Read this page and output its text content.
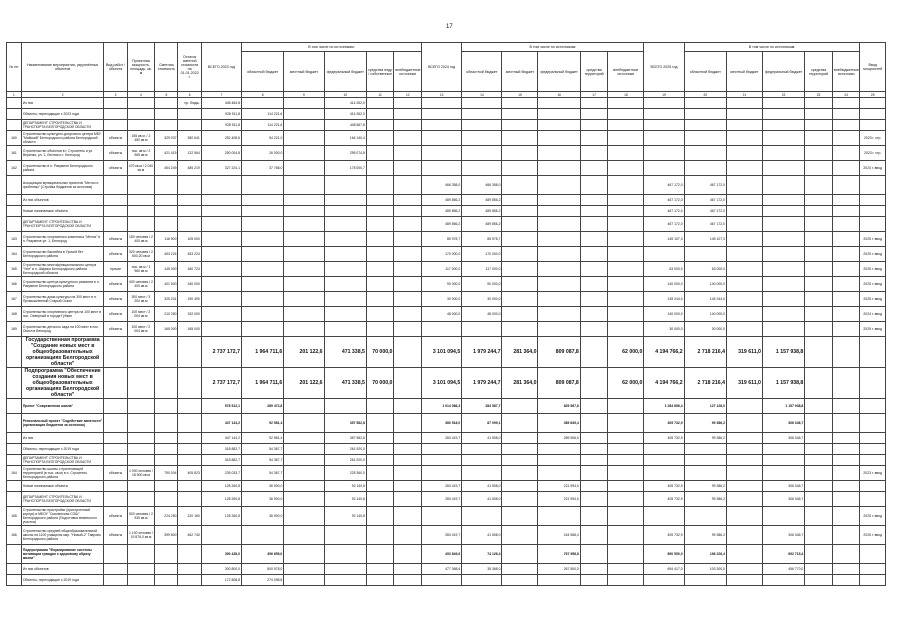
17
№ пп	Наименование мероприятия, укрупнённых объектов	Вид работ / объекта	Проектная мощность, площадь, кв. м	Сметная стоимость	Остаток сметной стоимости на 01.01.2023 г.	ВСЕГО 2023 год	В том числе по источникам:					ВСЕГО 2024 год	В том числе по источникам:					ВСЕГО 2025 год	В том числе по источникам:					Ввод мощностей
							областной бюджет	местный бюджет	федеральный бюджет	средства недр / собственные	внебюджетные источники		областной бюджет	местный бюджет	федеральный бюджет	средства территорий	внебюджетные источники		областной бюджет	местный бюджет	федеральный бюджет	средства территорий	внебюджетные источники	
1	2	3	4	5	6	7	8	9	10	11	12	13	14	15	16	17	18	19	20	21	22	23	24	25
	Из них				пр. бюдж.	448 464,8			414 262,0															
	Объекты, переходящие с 2023 года					928 911,8	114 221,6		414 262,0															
	ДЕПАРТАМЕНТ СТРОИТЕЛЬСТВА И ТРАНСПОРТА БЕЛГОРОДСКОЙ ОБЛАСТИ					928 911,8	114 221,6		448 567,8															
160	Строительство культурно-досугового центра МБУ "Майский" Белгородского района Белгородской области	объекты	155 кв.м. / 2 450 кв.м	329 037	350 641	252 408,6	54 221,0		164 140,4															2023 г. стр.
161	Строительство объектов в г. Строитель и ул. Верхняя, ул. 1, Лесная и г. Белгород	объекты	тыс. кв.м / 2 965 кв.м	421 415	122 564	250 004,8	26 000,0		295 074,8															2023 г. стр.
162	Строительство в п. Разумное Белгородского района	объекты	470 кв.м / 2 040 кв.м	454 249	485 219	327 224,1	37 768,0		178 000,7															2024 г. ввод
	Ассоциация муниципальных проектов "Мечты и проблемы" (Стройка бюджетов за источник)											466 358,0	466 358,0					467 172,0	467 172,0					
	Из них объектов											489 856,2	489 856,2					467 172,0	467 172,0					
	Новые начинаемые объекты											489 856,2	489 856,2					467 172,0	467 172,0					
	ДЕПАРТАМЕНТ СТРОИТЕЛЬСТВА И ТРАНСПОРТА БЕЛГОРОДСКОЙ ОБЛАСТИ											489 856,2	489 856,2					467 172,0	467 172,0					
163	Строительство спортивного комплекса "Мечта" в п. Разумное ул. 1, Белгород	объекты	150 человек / 2 400 кв.м	116 900	105 000							85 978,7	85 978,7					145 107,3	145 107,3					2025 г. ввод
164	Строительство бассейна в Урочей бет Белгородского района	объекты	320 человек / 2 600,20 кв.м	453 224	453 224							170 000,0	170 000,0											2025 г. ввод
165	Строительство многофункционального центра "Уют" в п. Ширико Белгородского района Белгородской области	прочие	тыс. кв.м / 1 960 кв.м	145 000	160 724							117 000,0	117 000,0					63 000,0	63 000,0					2025 г. ввод
166	Строительство центра культурного развития в п. Разумное Белгородского района	объекты	400 человек / 2 400 кв.м	401 500	340 000							90 000,0	90 000,0					140 000,0	140 000,0					2025 г. ввод
167	Строительство дома культуры на 300 мест в п. Промышленный Старый Оскол	объекты	300 мест / 3 200 кв.м	325 241	190 490							30 000,0	30 000,0					145 244,0	145 244,0					2025 г. ввод
168	Строительство спортивного центра на 100 мест в пос. Северный в городе Губкин	объекты	100 мест / 2 004 кв.м	210 250	192 000							48 000,0	48 000,0					140 000,0	140 000,0					2024 г. ввод
169	Строительство детского сада на 100 мест в пос. Оскол в Белгород	объекты	100 мест / 2 004 кв.м	165 000	165 000													30 000,0	30 000,0					2025 г. ввод
	Государственная программа "Создание новых мест в общеобразовательных организациях Белгородской области"					2 737 172,7	1 964 711,6	201 122,6	471 338,5	70 000,0		3 101 094,5	1 979 244,7	281 364,0	809 087,8		62 000,0	4 194 766,2	2 718 216,4	319 611,0	1 157 938,8			
	Подпрограмма "Обеспечение создания новых мест в общеобразовательных организациях Белгородской области"					2 737 172,7	1 964 711,6	201 122,6	471 338,5	70 000,0		3 101 094,5	1 979 244,7	281 364,0	809 087,8		62 000,0	4 194 766,2	2 718 216,4	319 611,0	1 157 938,8			
	Проект "Современная школа"					978 512,1	289 472,8					1 014 086,3	284 587,7		829 587,8			1 284 896,4	127 128,0		1 157 938,8			
	Региональный проект "Содействие занятости" (организация бюджетов за источник)					447 144,2	92 581,4		357 582,8			380 518,0	87 099,1		389 849,4			405 732,9	99 386,2		306 346,7			
	Из них					447 144,2	92 581,4		357 582,8			283 419,7	41 508,0		289 906,0			405 732,9	99 386,2		306 346,7			
	Объекты, переходящие с 2019 года					318 882,7	54 367,7		261 920,0															
	ДЕПАРТАМЕНТ СТРОИТЕЛЬСТВА И ТРАНСПОРТА БЕЛГОРОДСКОЙ ОБЛАСТИ					318 882,7	54 367,7		261 920,0															
164	Строительство школы с прилегающей территорией (в тыс. кв.м) в п. Строитель Белгородского района	объекты	1 000 человек / 18 500 кв.м	790 004	405 823	235 033,7	54 367,7		225 360,0															2023 г. ввод
	Новые начинаемые объекты					128 260,8	36 900,0		92 140,8			283 419,7	41 508,0		221 994,0			405 732,9	99 386,2		306 346,7			
	ДЕПАРТАМЕНТ СТРОИТЕЛЬСТВА И ТРАНСПОРТА БЕЛГОРОДСКОЙ ОБЛАСТИ					128 260,8	36 900,0		92 140,8			283 419,7	41 508,0		221 994,0			405 732,9	99 386,2		306 346,7			
165	Строительство пристройки (пристроенный корпус) в МБОУ "Смоленская СОШ" Белгородского района (Подготовка земельного участка)	объекты	500 человек / 2 930 кв.м	224 250	220 160	128 260,8	36 900,0		92 140,8															2025 г. ввод
166	Строительство средней общеобразовательной школы на 1100 учащихся мкр. "Новый-2" Таврово Белгородского района	объекты	1 100 человек / 19 876,0 кв.м	399 800	462 740							283 419,7	41 508,0		244 568,4			405 732,9	99 386,2		306 346,7			2026 г. ввод
	Подпрограмма "Формирование системы мотивации граждан к здоровому образу жизни"					390 428,0	396 659,0					493 849,6	74 126,4		767 958,8			890 550,0	196 226,4		692 715,4			
	Из них объектов					300 800,0	800 578,0					477 068,6	35 368,0		267 500,0			694 417,0	103 300,0		456 770,0			
	Объекты, переходящие с 2019 года					172 808,8	274 098,8																	
